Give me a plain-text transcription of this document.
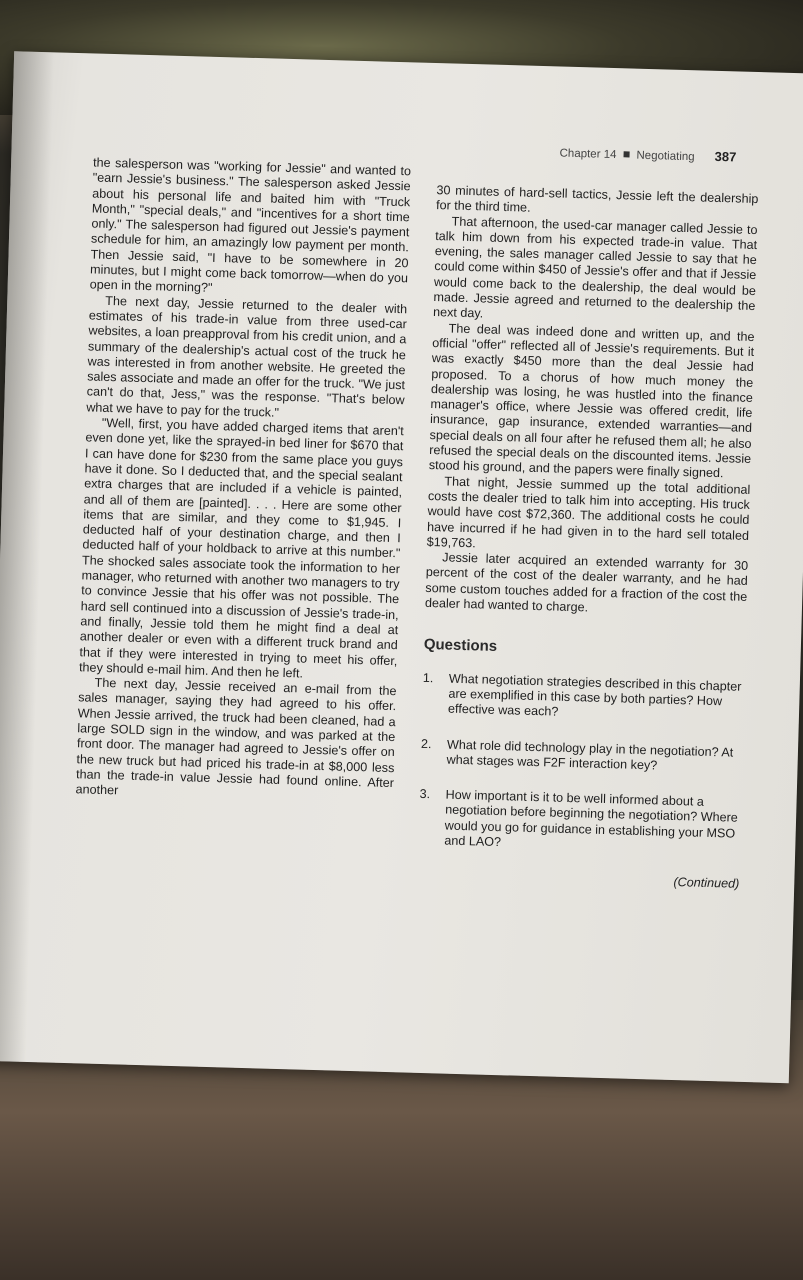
Chapter 14 Negotiating 387

the salesperson was "working for Jessie" and wanted to "earn Jessie's business." The salesperson asked Jessie about his personal life and baited him with "Truck Month," "special deals," and "incentives for a short time only." The salesperson had figured out Jessie's payment schedule for him, an amazingly low payment per month. Then Jessie said, "I have to be somewhere in 20 minutes, but I might come back tomorrow—when do you open in the morning?"

The next day, Jessie returned to the dealer with estimates of his trade-in value from three used-car websites, a loan preapproval from his credit union, and a summary of the dealership's actual cost of the truck he was interested in from another website. He greeted the sales associate and made an offer for the truck. "We just can't do that, Jess," was the response. "That's below what we have to pay for the truck."

"Well, first, you have added charged items that aren't even done yet, like the sprayed-in bed liner for $670 that I can have done for $230 from the same place you guys have it done. So I deducted that, and the special sealant extra charges that are included if a vehicle is painted, and all of them are [painted]. . . . Here are some other items that are similar, and they come to $1,945. I deducted half of your destination charge, and then I deducted half of your holdback to arrive at this number." The shocked sales associate took the information to her manager, who returned with another two managers to try to convince Jessie that his offer was not possible. The hard sell continued into a discussion of Jessie's trade-in, and finally, Jessie told them he might find a deal at another dealer or even with a different truck brand and that if they were interested in trying to meet his offer, they should e-mail him. And then he left.

The next day, Jessie received an e-mail from the sales manager, saying they had agreed to his offer. When Jessie arrived, the truck had been cleaned, had a large SOLD sign in the window, and was parked at the front door. The manager had agreed to Jessie's offer on the new truck but had priced his trade-in at $8,000 less than the trade-in value Jessie had found online. After another

30 minutes of hard-sell tactics, Jessie left the dealership for the third time.

That afternoon, the used-car manager called Jessie to talk him down from his expected trade-in value. That evening, the sales manager called Jessie to say that he could come within $450 of Jessie's offer and that if Jessie would come back to the dealership, the deal would be made. Jessie agreed and returned to the dealership the next day.

The deal was indeed done and written up, and the official "offer" reflected all of Jessie's requirements. But it was exactly $450 more than the deal Jessie had proposed. To a chorus of how much money the dealership was losing, he was hustled into the finance manager's office, where Jessie was offered credit, life insurance, gap insurance, extended warranties—and special deals on all four after he refused them all; he also refused the special deals on the discounted items. Jessie stood his ground, and the papers were finally signed.

That night, Jessie summed up the total additional costs the dealer tried to talk him into accepting. His truck would have cost $72,360. The additional costs he could have incurred if he had given in to the hard sell totaled $19,763.

Jessie later acquired an extended warranty for 30 percent of the cost of the dealer warranty, and he had some custom touches added for a fraction of the cost the dealer had wanted to charge.

Questions
1. What negotiation strategies described in this chapter are exemplified in this case by both parties? How effective was each?
2. What role did technology play in the negotiation? At what stages was F2F interaction key?
3. How important is it to be well informed about a negotiation before beginning the negotiation? Where would you go for guidance in establishing your MSO and LAO?
(Continued)
